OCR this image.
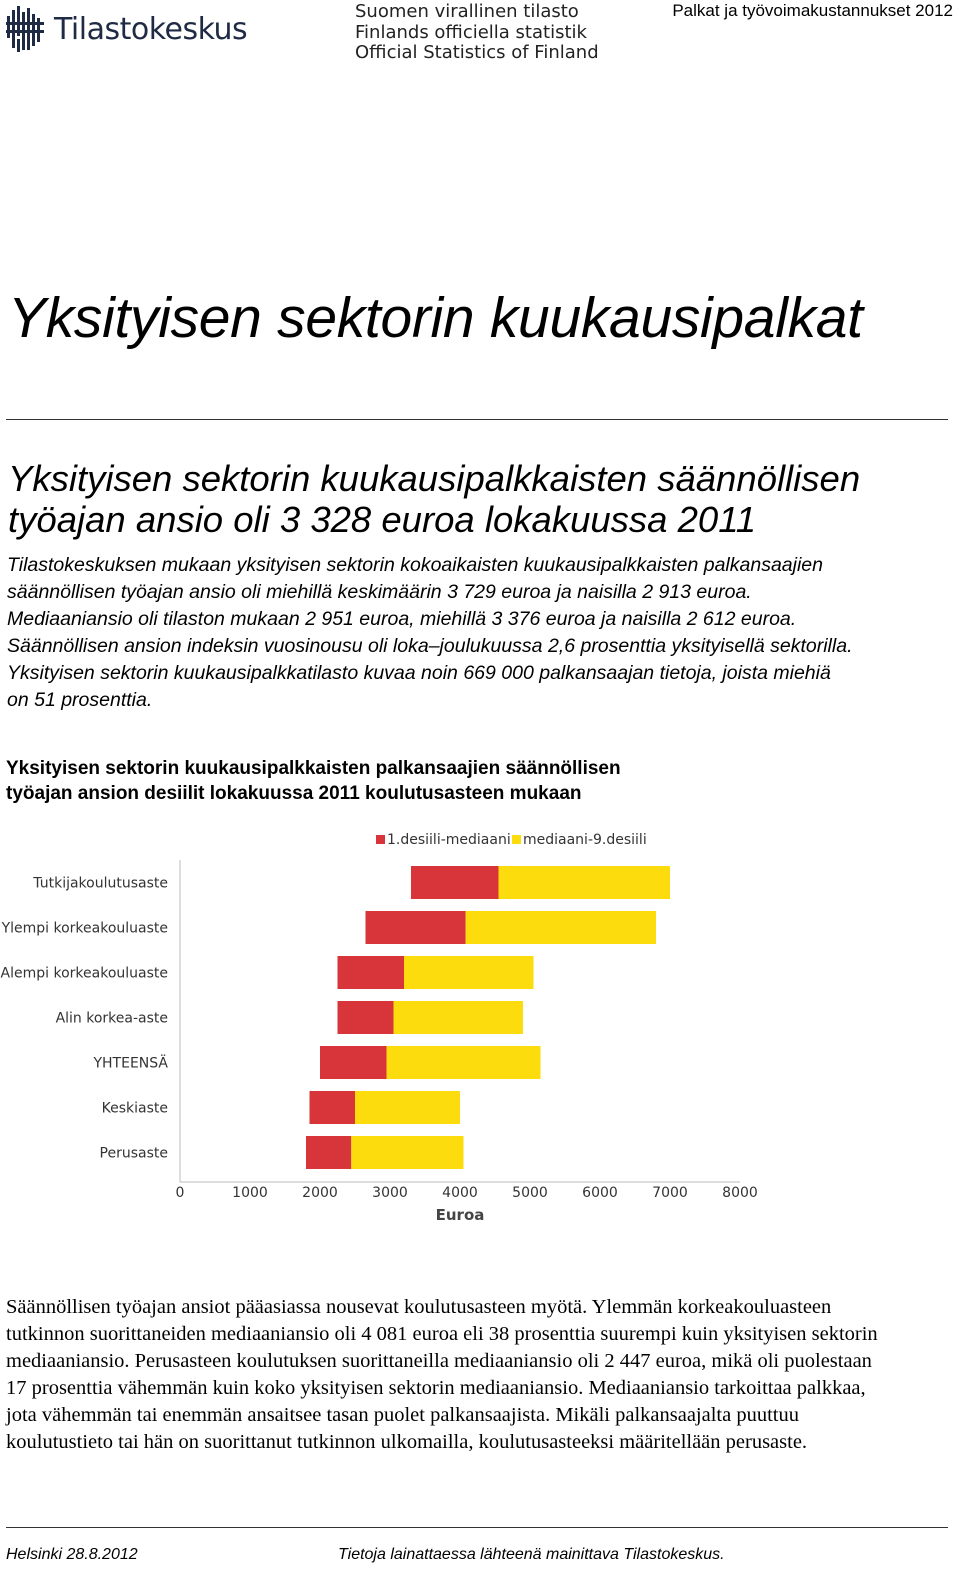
Tilastokeskus	Suomen virallinen tilasto
Finlands officiella statistik
Official Statistics of Finland
Palkat ja työvoimakustannukset 2012
Yksityisen sektorin kuukausipalkat
Yksityisen sektorin kuukausipalkkaisten säännöllisen
työajan ansio oli 3 328 euroa lokakuussa 2011
Tilastokeskuksen mukaan yksityisen sektorin kokoaikaisten kuukausipalkkaisten palkansaajien
säännöllisen työajan ansio oli miehillä keskimäärin 3 729 euroa ja naisilla 2 913 euroa.
Mediaaniansio oli tilaston mukaan 2 951 euroa, miehillä 3 376 euroa ja naisilla 2 612 euroa.
Säännöllisen ansion indeksin vuosinousu oli loka–joulukuussa 2,6 prosenttia yksityisellä sektorilla.
Yksityisen sektorin kuukausipalkkatilasto kuvaa noin 669 000 palkansaajan tietoja, joista miehiä
on 51 prosenttia.
Yksityisen sektorin kuukausipalkkaisten palkansaajien säännöllisen
työajan ansion desiilit lokakuussa 2011 koulutusasteen mukaan
1.desiili-mediaani mediaani-9.desiili
Tutkijakoulutusaste
Ylempi korkeakouluaste
Alempi korkeakouluaste
Alin korkea-aste
YHTEENSÄ
Keskiaste
Perusaste
0	1000 2000 3000 4000 5000 6000 7000 8000
Euroa
Säännöllisen työajan ansiot pääasiassa nousevat koulutusasteen myötä. Ylemmän korkeakouluasteen
tutkinnon suorittaneiden mediaaniansio oli 4 081 euroa eli 38 prosenttia suurempi kuin yksityisen sektorin
mediaaniansio. Perusasteen koulutuksen suorittaneilla mediaaniansio oli 2 447 euroa, mikä oli puolestaan
17 prosenttia vähemmän kuin koko yksityisen sektorin mediaaniansio. Mediaaniansio tarkoittaa palkkaa,
jota vähemmän tai enemmän ansaitsee tasan puolet palkansaajista. Mikäli palkansaajalta puuttuu
koulutustieto tai hän on suorittanut tutkinnon ulkomailla, koulutusasteeksi määritellään perusaste.
Helsinki 28.8.2012	Tietoja lainattaessa lähteenä mainittava Tilastokeskus.
